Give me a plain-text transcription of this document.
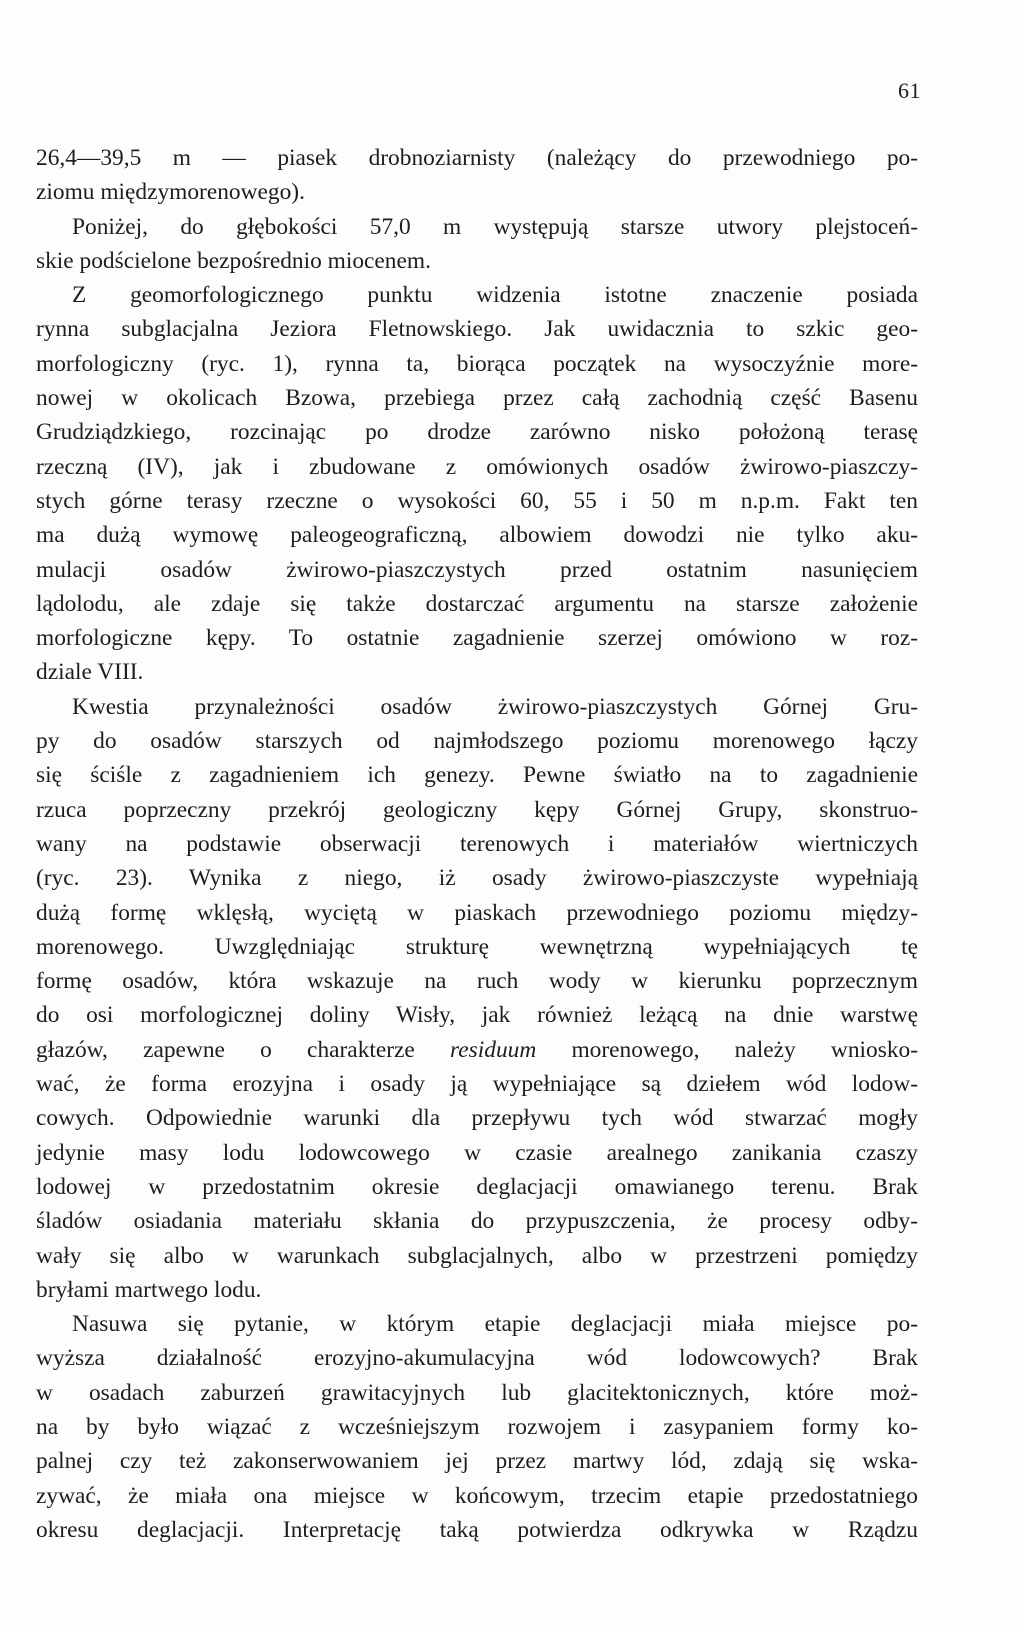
61
26,4—39,5 m — piasek drobnoziarnisty (należący do przewodniego po-
ziomu międzymorenowego).
Poniżej, do głębokości 57,0 m występują starsze utwory plejstoceń-
skie podścielone bezpośrednio miocenem.
Z geomorfologicznego punktu widzenia istotne znaczenie posiada
rynna subglacjalna Jeziora Fletnowskiego. Jak uwidacznia to szkic geo-
morfologiczny (ryc. 1), rynna ta, biorąca początek na wysoczyźnie more-
nowej w okolicach Bzowa, przebiega przez całą zachodnią część Basenu
Grudziądzkiego, rozcinając po drodze zarówno nisko położoną terasę
rzeczną (IV), jak i zbudowane z omówionych osadów żwirowo-piaszczy-
stych górne terasy rzeczne o wysokości 60, 55 i 50 m n.p.m. Fakt ten
ma dużą wymowę paleogeograficzną, albowiem dowodzi nie tylko aku-
mulacji osadów żwirowo-piaszczystych przed ostatnim nasunięciem
lądolodu, ale zdaje się także dostarczać argumentu na starsze założenie
morfologiczne kępy. To ostatnie zagadnienie szerzej omówiono w roz-
dziale VIII.
Kwestia przynależności osadów żwirowo-piaszczystych Górnej Gru-
py do osadów starszych od najmłodszego poziomu morenowego łączy
się ściśle z zagadnieniem ich genezy. Pewne światło na to zagadnienie
rzuca poprzeczny przekrój geologiczny kępy Górnej Grupy, skonstruo-
wany na podstawie obserwacji terenowych i materiałów wiertniczych
(ryc. 23). Wynika z niego, iż osady żwirowo-piaszczyste wypełniają
dużą formę wklęsłą, wyciętą w piaskach przewodniego poziomu między-
morenowego. Uwzględniając strukturę wewnętrzną wypełniających tę
formę osadów, która wskazuje na ruch wody w kierunku poprzecznym
do osi morfologicznej doliny Wisły, jak również leżącą na dnie warstwę
głazów, zapewne o charakterze residuum morenowego, należy wniosko-
wać, że forma erozyjna i osady ją wypełniające są dziełem wód lodow-
cowych. Odpowiednie warunki dla przepływu tych wód stwarzać mogły
jedynie masy lodu lodowcowego w czasie arealnego zanikania czaszy
lodowej w przedostatnim okresie deglacjacji omawianego terenu. Brak
śladów osiadania materiału skłania do przypuszczenia, że procesy odby-
wały się albo w warunkach subglacjalnych, albo w przestrzeni pomiędzy
bryłami martwego lodu.
Nasuwa się pytanie, w którym etapie deglacjacji miała miejsce po-
wyższa działalność erozyjno-akumulacyjna wód lodowcowych? Brak
w osadach zaburzeń grawitacyjnych lub glacitektonicznych, które moż-
na by było wiązać z wcześniejszym rozwojem i zasypaniem formy ko-
palnej czy też zakonserwowaniem jej przez martwy lód, zdają się wska-
zywać, że miała ona miejsce w końcowym, trzecim etapie przedostatniego
okresu deglacjacji. Interpretację taką potwierdza odkrywka w Rządzu
